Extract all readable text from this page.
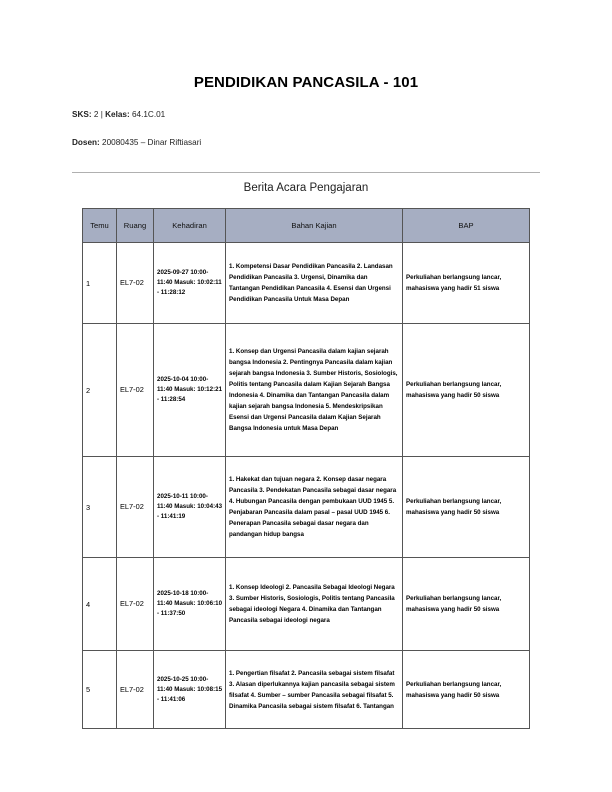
PENDIDIKAN PANCASILA - 101
SKS: 2 | Kelas: 64.1C.01
Dosen: 20080435 – Dinar Riftiasari
Berita Acara Pengajaran
Temu	Ruang	Kehadiran	Bahan Kajian	BAP
1	EL7-02	2025-09-27 10:00-11:40 Masuk: 10:02:11 - 11:28:12	1. Kompetensi Dasar Pendidikan Pancasila 2. Landasan Pendidikan Pancasila 3. Urgensi, Dinamika dan Tantangan Pendidikan Pancasila 4. Esensi dan Urgensi Pendidikan Pancasila Untuk Masa Depan	Perkuliahan berlangsung lancar, mahasiswa yang hadir 51 siswa
2	EL7-02	2025-10-04 10:00-11:40 Masuk: 10:12:21 - 11:28:54	1. Konsep dan Urgensi Pancasila dalam kajian sejarah bangsa Indonesia 2. Pentingnya Pancasila dalam kajian sejarah bangsa Indonesia 3. Sumber Historis, Sosiologis, Politis tentang Pancasila dalam Kajian Sejarah Bangsa Indonesia 4. Dinamika dan Tantangan Pancasila dalam kajian sejarah bangsa Indonesia 5. Mendeskripsikan Esensi dan Urgensi Pancasila dalam Kajian Sejarah Bangsa Indonesia untuk Masa Depan	Perkuliahan berlangsung lancar, mahasiswa yang hadir 50 siswa
3	EL7-02	2025-10-11 10:00-11:40 Masuk: 10:04:43 - 11:41:19	1. Hakekat dan tujuan negara 2. Konsep dasar negara Pancasila 3. Pendekatan Pancasila sebagai dasar negara 4. Hubungan Pancasila dengan pembukaan UUD 1945 5. Penjabaran Pancasila dalam pasal – pasal UUD 1945 6. Penerapan Pancasila sebagai dasar negara dan pandangan hidup bangsa	Perkuliahan berlangsung lancar, mahasiswa yang hadir 50 siswa
4	EL7-02	2025-10-18 10:00-11:40 Masuk: 10:06:10 - 11:37:50	1. Konsep Ideologi 2. Pancasila Sebagai Ideologi Negara 3. Sumber Historis, Sosiologis, Politis tentang Pancasila sebagai ideologi Negara 4. Dinamika dan Tantangan Pancasila sebagai ideologi negara	Perkuliahan berlangsung lancar, mahasiswa yang hadir 50 siswa
5	EL7-02	2025-10-25 10:00-11:40 Masuk: 10:08:15 - 11:41:06	1. Pengertian filsafat 2. Pancasila sebagai sistem filsafat 3. Alasan diperlukannya kajian pancasila sebagai sistem filsafat 4. Sumber – sumber Pancasila sebagai filsafat 5. Dinamika Pancasila sebagai sistem filsafat 6. Tantangan	Perkuliahan berlangsung lancar, mahasiswa yang hadir 50 siswa
